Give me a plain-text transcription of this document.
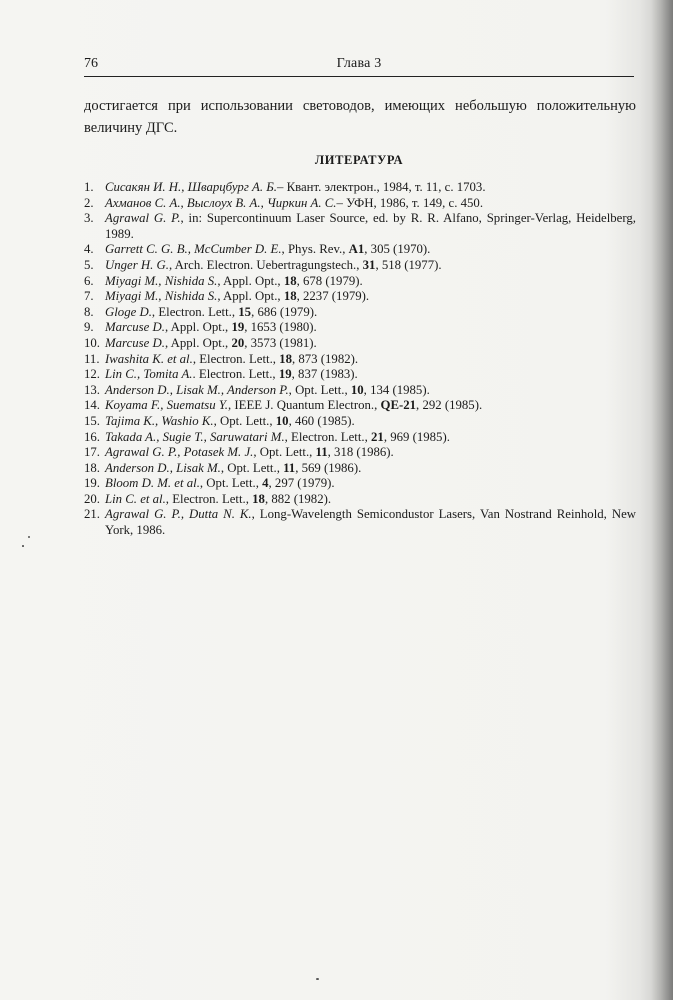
76	Глава 3

достигается при использовании световодов, имеющих небольшую положительную величину ДГС.

ЛИТЕРАТУРА
1. Сисакян И. Н., Шварцбург А. Б.– Квант. электрон., 1984, т. 11, с. 1703.
2. Ахманов С. А., Выслоух В. А., Чиркин А. С.– УФН, 1986, т. 149, с. 450.
3. Agrawal G. P., in: Supercontinuum Laser Source, ed. by R. R. Alfano, Springer-Verlag, Heidelberg, 1989.
4. Garrett C. G. B., McCumber D. E., Phys. Rev., A1, 305 (1970).
5. Unger H. G., Arch. Electron. Uebertragungstech., 31, 518 (1977).
6. Miyagi M., Nishida S., Appl. Opt., 18, 678 (1979).
7. Miyagi M., Nishida S., Appl. Opt., 18, 2237 (1979).
8. Gloge D., Electron. Lett., 15, 686 (1979).
9. Marcuse D., Appl. Opt., 19, 1653 (1980).
10. Marcuse D., Appl. Opt., 20, 3573 (1981).
11. Iwashita K. et al., Electron. Lett., 18, 873 (1982).
12. Lin C., Tomita A.. Electron. Lett., 19, 837 (1983).
13. Anderson D., Lisak M., Anderson P., Opt. Lett., 10, 134 (1985).
14. Koyama F., Suematsu Y., IEEE J. Quantum Electron., QE-21, 292 (1985).
15. Tajima K., Washio K., Opt. Lett., 10, 460 (1985).
16. Takada A., Sugie T., Saruwatari M., Electron. Lett., 21, 969 (1985).
17. Agrawal G. P., Potasek M. J., Opt. Lett., 11, 318 (1986).
18. Anderson D., Lisak M., Opt. Lett., 11, 569 (1986).
19. Bloom D. M. et al., Opt. Lett., 4, 297 (1979).
20. Lin C. et al., Electron. Lett., 18, 882 (1982).
21. Agrawal G. P., Dutta N. K., Long-Wavelength Semicondustor Lasers, Van Nostrand Reinhold, New York, 1986.
